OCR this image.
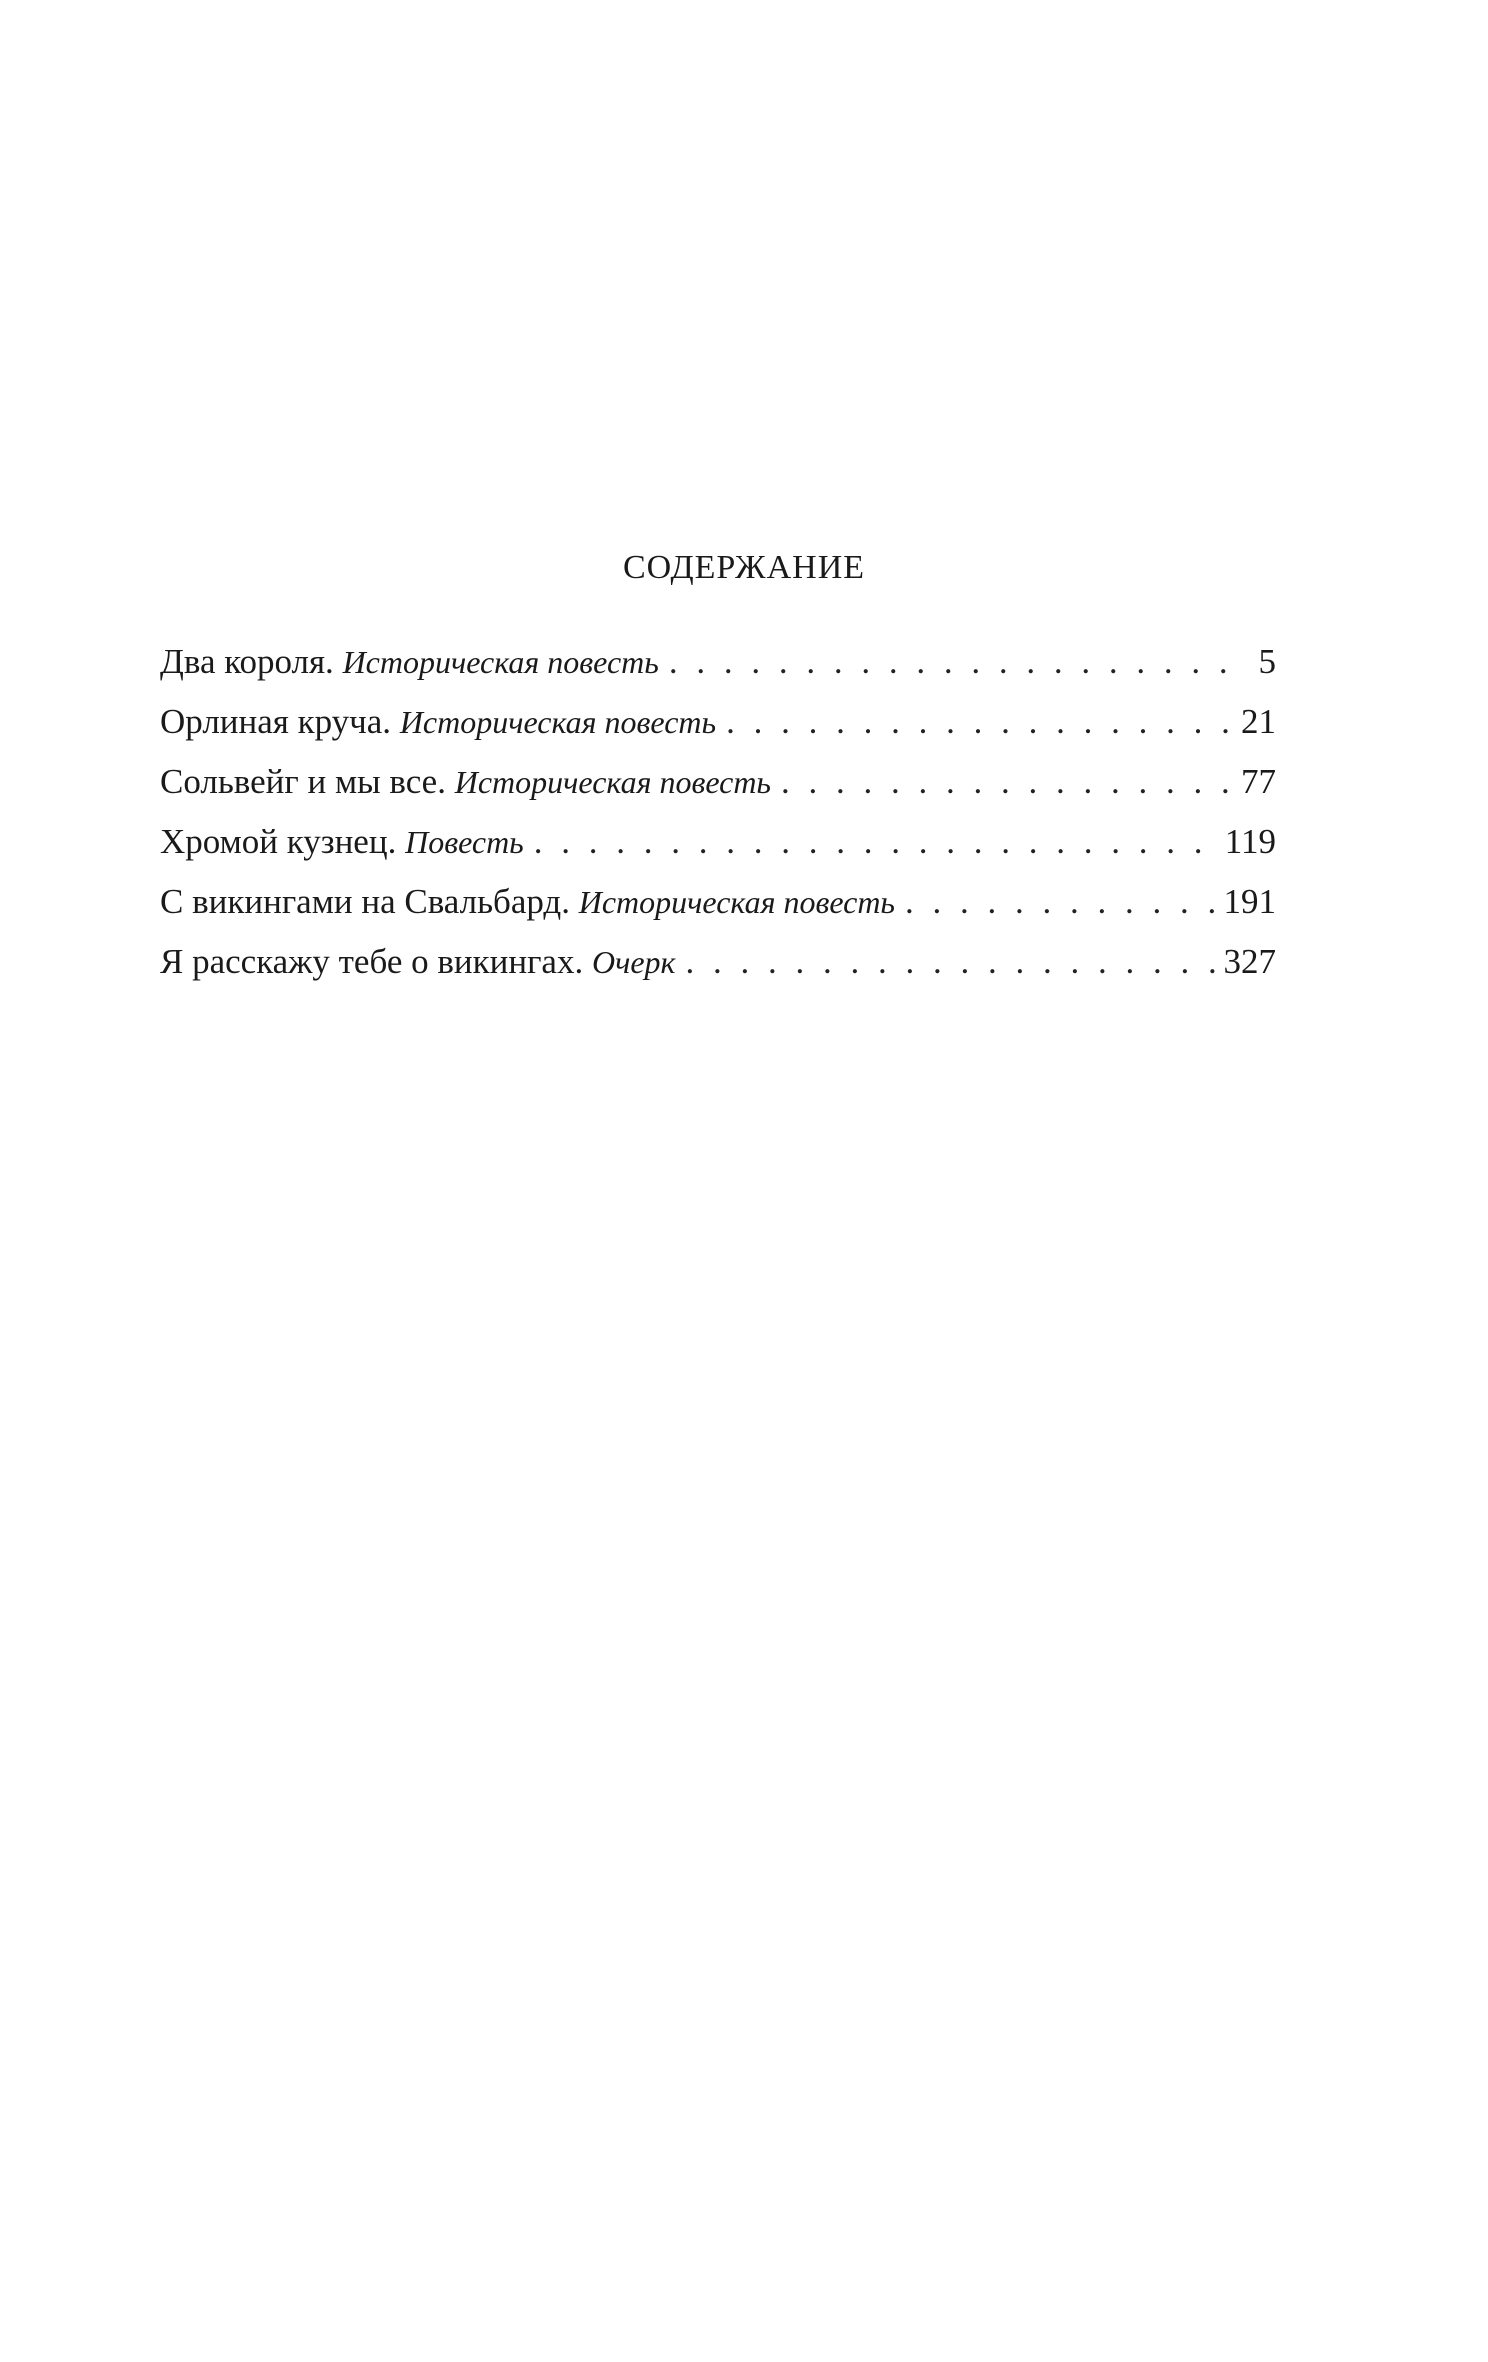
СОДЕРЖАНИЕ
Два короля. Историческая повесть . . .	5
Орлиная круча. Историческая повесть . . .	21
Сольвейг и мы все. Историческая повесть . . .	77
Хромой кузнец. Повесть . . .	119
С викингами на Свальбард. Историческая повесть . . .	191
Я расскажу тебе о викингах. Очерк . . .	327
